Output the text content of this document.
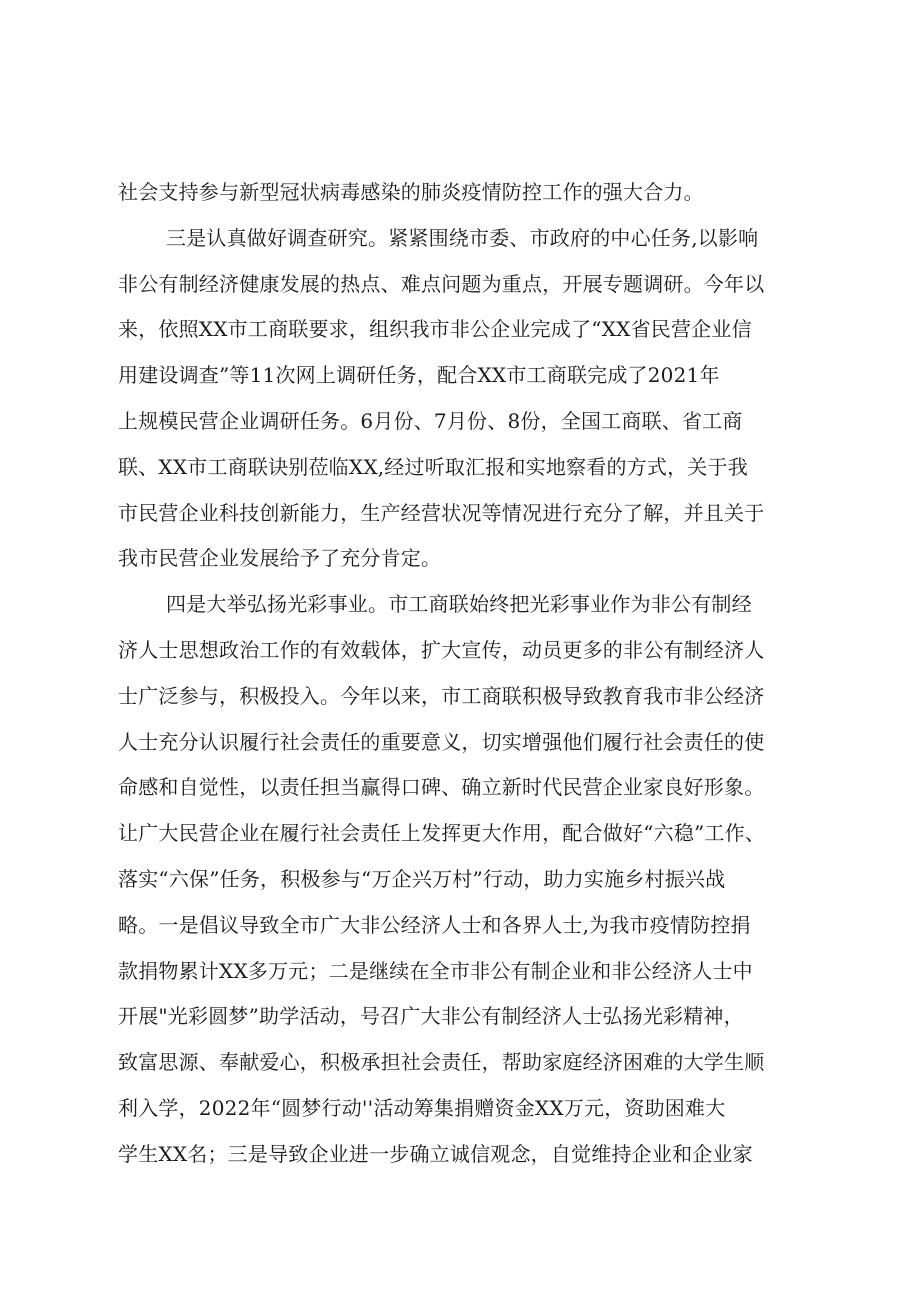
社会支持参与新型冠状病毒感染的肺炎疫情防控工作的强大合力。
三是认真做好调查研究。紧紧围绕市委、市政府的中心任务,以影响
非公有制经济健康发展的热点、难点问题为重点，开展专题调研。今年以
来，依照XX市工商联要求，组织我市非公企业完成了“XX省民营企业信
用建设调查”等11次网上调研任务，配合XX市工商联完成了2021年
上规模民营企业调研任务。6月份、7月份、8份，全国工商联、省工商
联、XX市工商联诀别莅临XX,经过听取汇报和实地察看的方式，关于我
市民营企业科技创新能力，生产经营状况等情况进行充分了解，并且关于
我市民营企业发展给予了充分肯定。
四是大举弘扬光彩事业。市工商联始终把光彩事业作为非公有制经
济人士思想政治工作的有效载体，扩大宣传，动员更多的非公有制经济人
士广泛参与，积极投入。今年以来，市工商联积极导致教育我市非公经济
人士充分认识履行社会责任的重要意义，切实增强他们履行社会责任的使
命感和自觉性，以责任担当赢得口碑、确立新时代民营企业家良好形象。
让广大民营企业在履行社会责任上发挥更大作用，配合做好“六稳”工作、
落实“六保”任务，积极参与“万企兴万村”行动，助力实施乡村振兴战
略。一是倡议导致全市广大非公经济人士和各界人士,为我市疫情防控捐
款捐物累计XX多万元；二是继续在全市非公有制企业和非公经济人士中
开展"光彩圆梦”助学活动，号召广大非公有制经济人士弘扬光彩精神，
致富思源、奉献爱心，积极承担社会责任，帮助家庭经济困难的大学生顺
利入学，2022年“圆梦行动''活动筹集捐赠资金XX万元，资助困难大
学生XX名；三是导致企业进一步确立诚信观念，自觉维持企业和企业家
